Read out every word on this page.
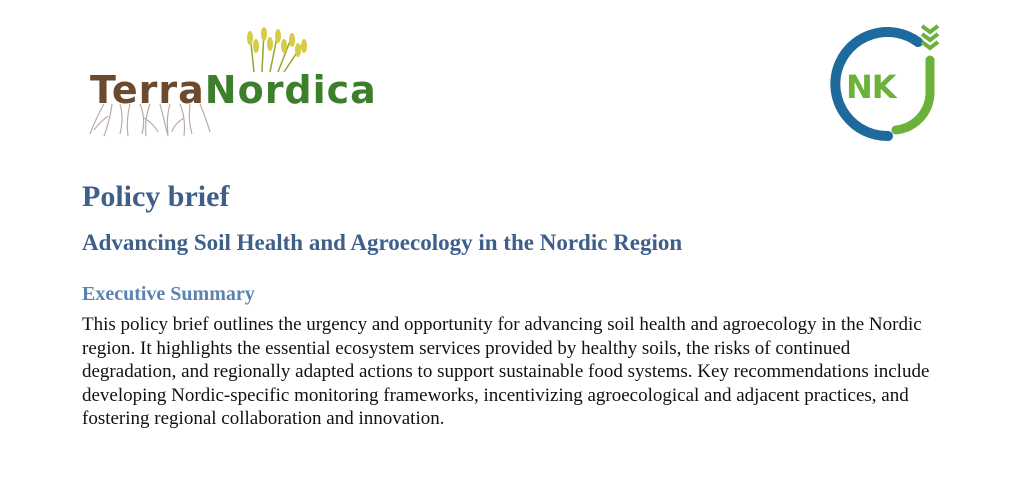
TerraNordica	NK
Policy brief
Advancing Soil Health and Agroecology in the Nordic Region
Executive Summary

This policy brief outlines the urgency and opportunity for advancing soil health and agroecology in the Nordic region. It highlights the essential ecosystem services provided by healthy soils, the risks of continued degradation, and regionally adapted actions to support sustainable food systems. Key recommendations include developing Nordic-specific monitoring frameworks, incentivizing agroecological and adjacent practices, and fostering regional collaboration and innovation.
